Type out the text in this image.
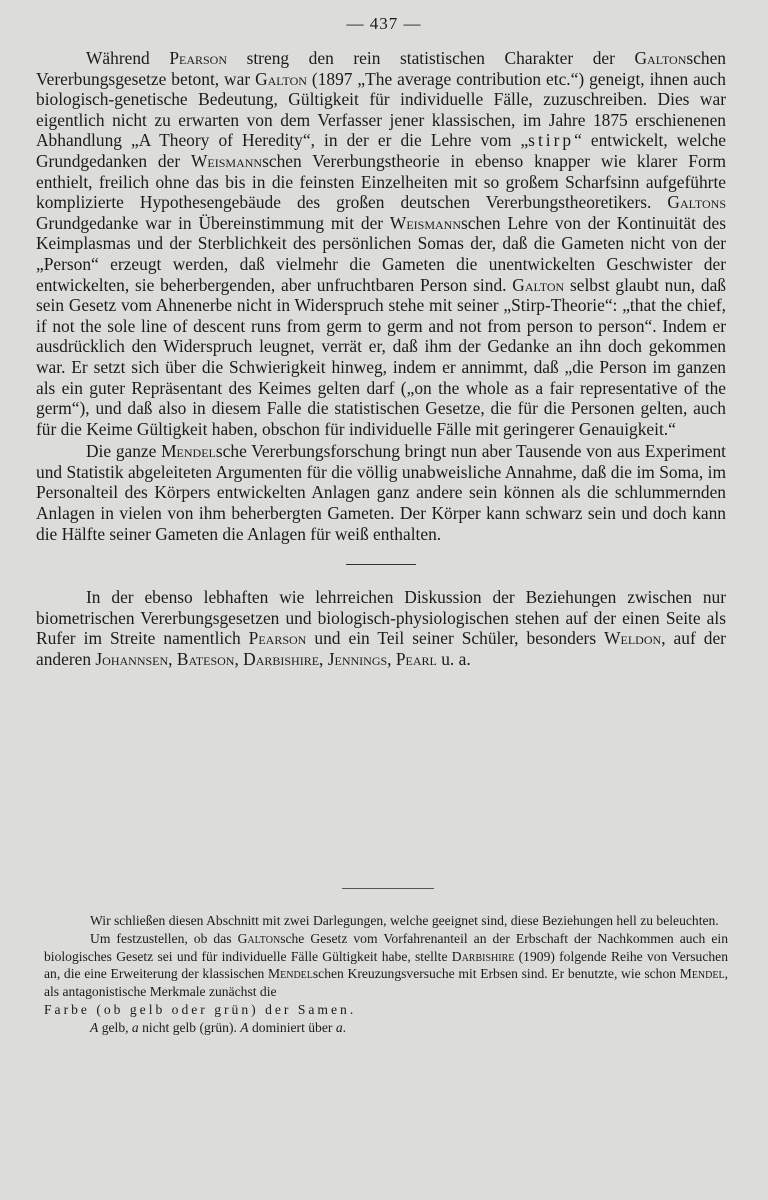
— 437 —

Während Pearson streng den rein statistischen Charakter der Galtonschen Vererbungsgesetze betont, war Galton (1897 „The average contribution etc.“) geneigt, ihnen auch biologisch-genetische Bedeutung, Gültigkeit für individuelle Fälle, zuzuschreiben. Dies war eigentlich nicht zu erwarten von dem Verfasser jener klassischen, im Jahre 1875 erschienenen Abhandlung „A Theory of Heredity“, in der er die Lehre vom „stirp“ entwickelt, welche Grundgedanken der Weismannschen Vererbungstheorie in ebenso knapper wie klarer Form enthielt, freilich ohne das bis in die feinsten Einzelheiten mit so großem Scharfsinn aufgeführte komplizierte Hypothesengebäude des großen deutschen Vererbungstheoretikers. Galtons Grundgedanke war in Übereinstimmung mit der Weismannschen Lehre von der Kontinuität des Keimplasmas und der Sterblichkeit des persönlichen Somas der, daß die Gameten nicht von der „Person“ erzeugt werden, daß vielmehr die Gameten die unentwickelten Geschwister der entwickelten, sie beherbergenden, aber unfruchtbaren Person sind. Galton selbst glaubt nun, daß sein Gesetz vom Ahnenerbe nicht in Widerspruch stehe mit seiner „Stirp-Theorie“: „that the chief, if not the sole line of descent runs from germ to germ and not from person to person“. Indem er ausdrücklich den Widerspruch leugnet, verrät er, daß ihm der Gedanke an ihn doch gekommen war. Er setzt sich über die Schwierigkeit hinweg, indem er annimmt, daß „die Person im ganzen als ein guter Repräsentant des Keimes gelten darf („on the whole as a fair representative of the germ“), und daß also in diesem Falle die statistischen Gesetze, die für die Personen gelten, auch für die Keime Gültigkeit haben, obschon für individuelle Fälle mit geringerer Genauigkeit.“

Die ganze Mendelsche Vererbungsforschung bringt nun aber Tausende von aus Experiment und Statistik abgeleiteten Argumenten für die völlig unabweisliche Annahme, daß die im Soma, im Personalteil des Körpers entwickelten Anlagen ganz andere sein können als die schlummernden Anlagen in vielen von ihm beherbergten Gameten. Der Körper kann schwarz sein und doch kann die Hälfte seiner Gameten die Anlagen für weiß enthalten.

In der ebenso lebhaften wie lehrreichen Diskussion der Beziehungen zwischen nur biometrischen Vererbungsgesetzen und biologisch-physiologischen stehen auf der einen Seite als Rufer im Streite namentlich Pearson und ein Teil seiner Schüler, besonders Weldon, auf der anderen Johannsen, Bateson, Darbishire, Jennings, Pearl u. a.

Wir schließen diesen Abschnitt mit zwei Darlegungen, welche geeignet sind, diese Beziehungen hell zu beleuchten.

Um festzustellen, ob das Galtonsche Gesetz vom Vorfahrenanteil an der Erbschaft der Nachkommen auch ein biologisches Gesetz sei und für individuelle Fälle Gültigkeit habe, stellte Darbishire (1909) folgende Reihe von Versuchen an, die eine Erweiterung der klassischen Mendelschen Kreuzungsversuche mit Erbsen sind. Er benutzte, wie schon Mendel, als antagonistische Merkmale zunächst die

Farbe (ob gelb oder grün) der Samen.

A gelb, a nicht gelb (grün). A dominiert über a.
